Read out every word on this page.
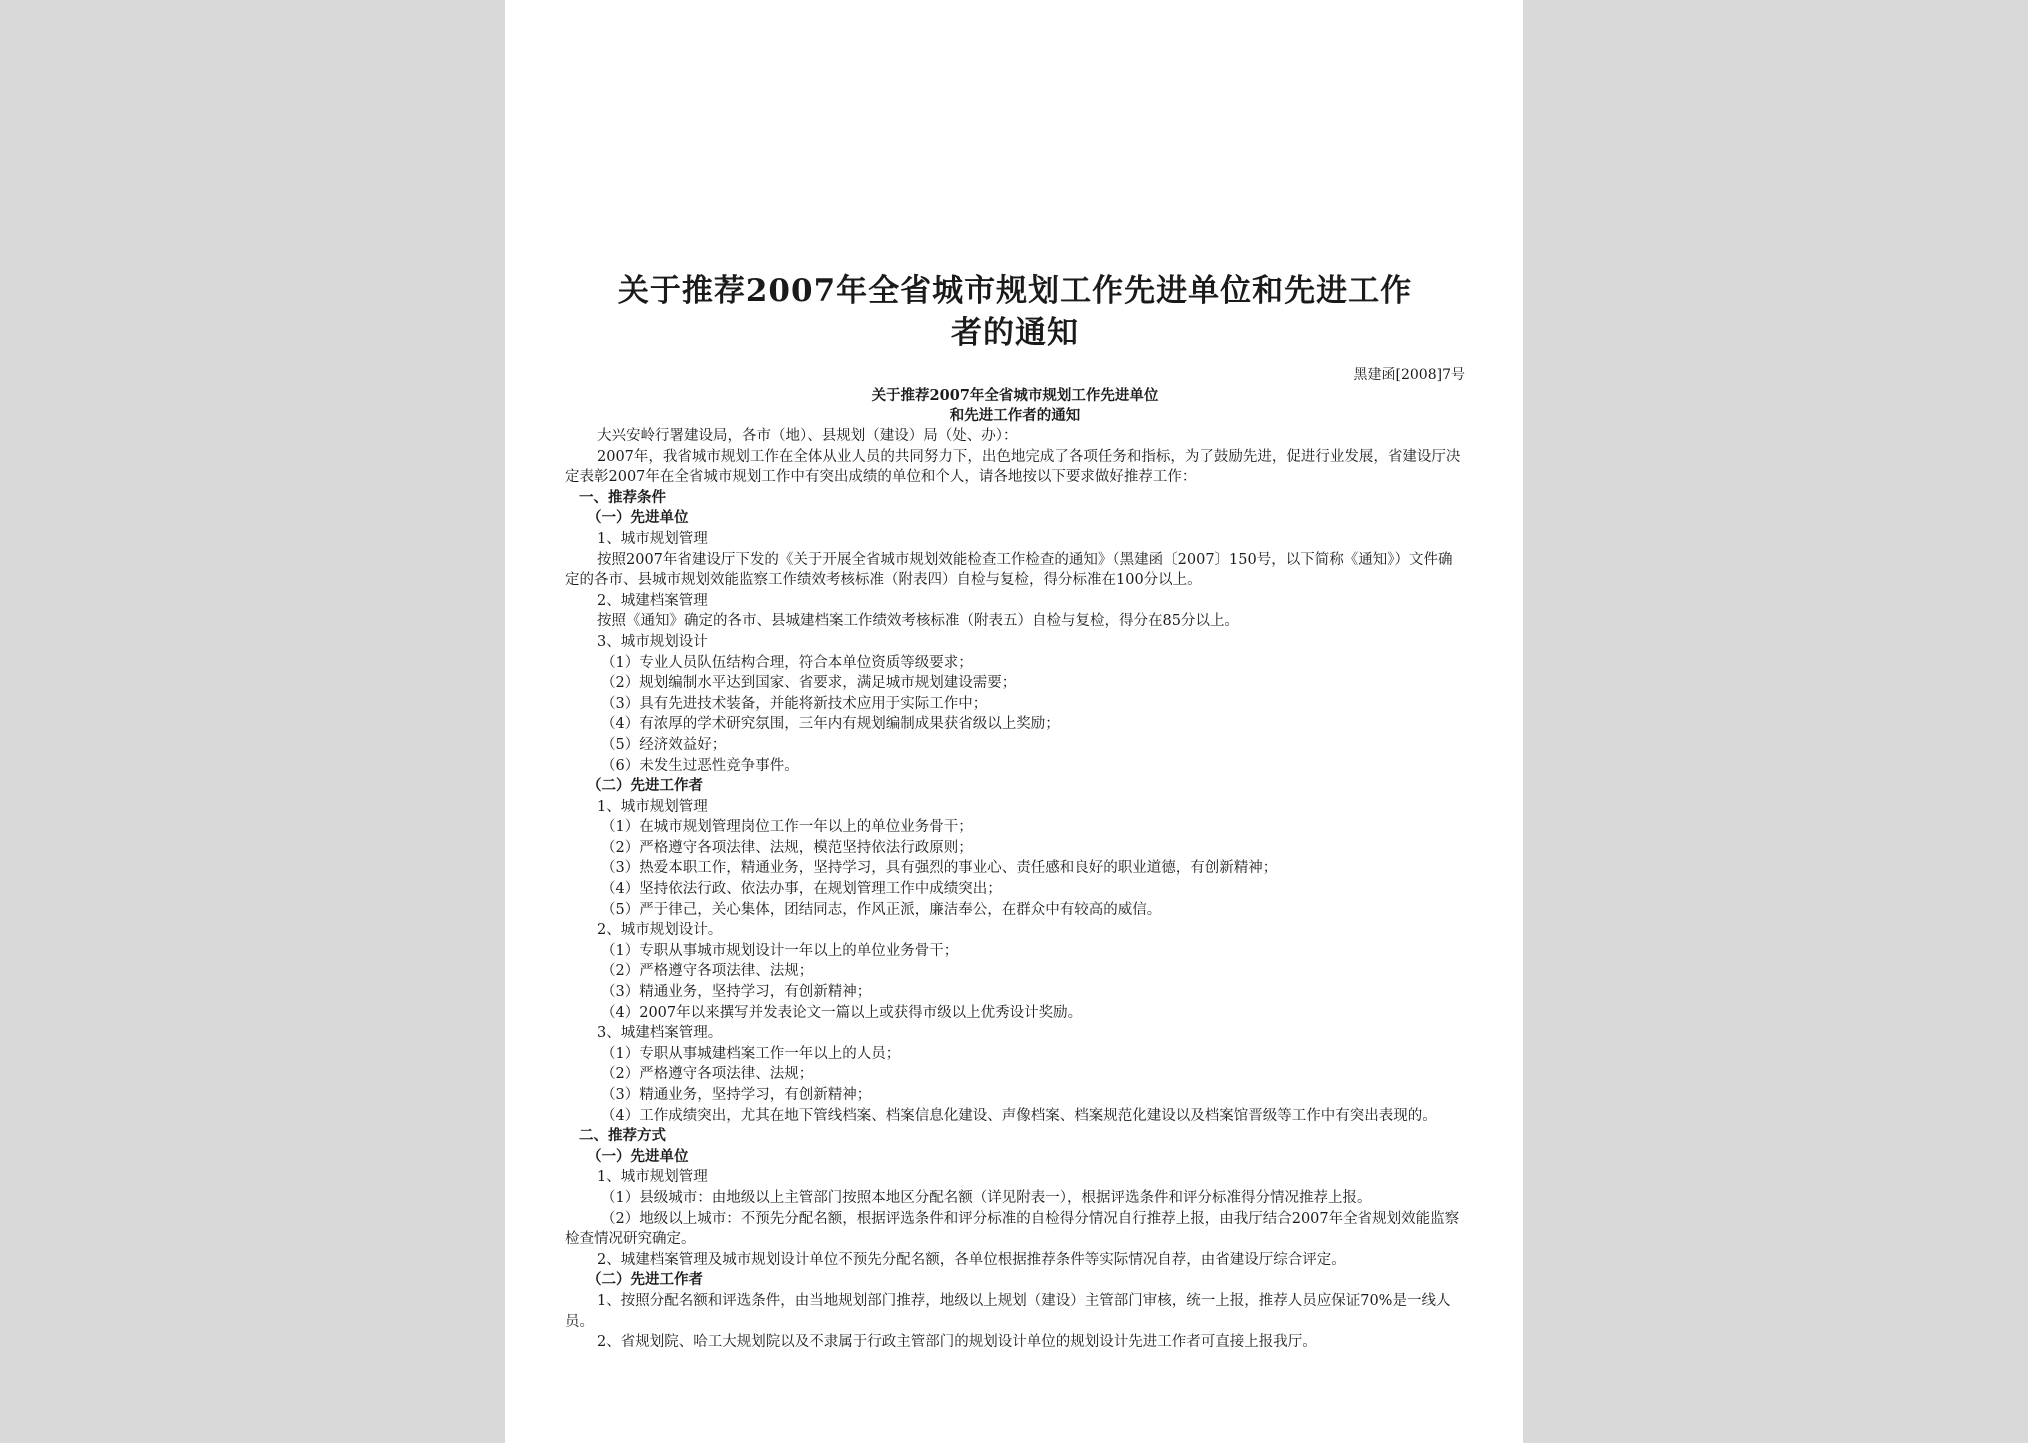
关于推荐2007年全省城市规划工作先进单位和先进工作
者的通知
黑建函[2008]7号
关于推荐2007年全省城市规划工作先进单位
和先进工作者的通知
大兴安岭行署建设局，各市（地）、县规划（建设）局（处、办）：
2007年，我省城市规划工作在全体从业人员的共同努力下，出色地完成了各项任务和指标，为了鼓励先进，促进行业发展，省建设厅决定表彰2007年在全省城市规划工作中有突出成绩的单位和个人，请各地按以下要求做好推荐工作：
一、推荐条件
（一）先进单位
1、城市规划管理
按照2007年省建设厅下发的《关于开展全省城市规划效能检查工作检查的通知》（黑建函〔2007〕150号，以下简称《通知》）文件确定的各市、县城市规划效能监察工作绩效考核标准（附表四）自检与复检，得分标准在100分以上。
2、城建档案管理
按照《通知》确定的各市、县城建档案工作绩效考核标准（附表五）自检与复检，得分在85分以上。
3、城市规划设计
（1）专业人员队伍结构合理，符合本单位资质等级要求；
（2）规划编制水平达到国家、省要求，满足城市规划建设需要；
（3）具有先进技术装备，并能将新技术应用于实际工作中；
（4）有浓厚的学术研究氛围，三年内有规划编制成果获省级以上奖励；
（5）经济效益好；
（6）未发生过恶性竞争事件。
（二）先进工作者
1、城市规划管理
（1）在城市规划管理岗位工作一年以上的单位业务骨干；
（2）严格遵守各项法律、法规，模范坚持依法行政原则；
（3）热爱本职工作，精通业务，坚持学习，具有强烈的事业心、责任感和良好的职业道德，有创新精神；
（4）坚持依法行政、依法办事，在规划管理工作中成绩突出；
（5）严于律己，关心集体，团结同志，作风正派，廉洁奉公，在群众中有较高的威信。
2、城市规划设计。
（1）专职从事城市规划设计一年以上的单位业务骨干；
（2）严格遵守各项法律、法规；
（3）精通业务，坚持学习，有创新精神；
（4）2007年以来撰写并发表论文一篇以上或获得市级以上优秀设计奖励。
3、城建档案管理。
（1）专职从事城建档案工作一年以上的人员；
（2）严格遵守各项法律、法规；
（3）精通业务，坚持学习，有创新精神；
（4）工作成绩突出，尤其在地下管线档案、档案信息化建设、声像档案、档案规范化建设以及档案馆晋级等工作中有突出表现的。
二、推荐方式
（一）先进单位
1、城市规划管理
（1）县级城市：由地级以上主管部门按照本地区分配名额（详见附表一），根据评选条件和评分标准得分情况推荐上报。
（2）地级以上城市：不预先分配名额，根据评选条件和评分标准的自检得分情况自行推荐上报，由我厅结合2007年全省规划效能监察检查情况研究确定。
2、城建档案管理及城市规划设计单位不预先分配名额，各单位根据推荐条件等实际情况自荐，由省建设厅综合评定。
（二）先进工作者
1、按照分配名额和评选条件，由当地规划部门推荐，地级以上规划（建设）主管部门审核，统一上报，推荐人员应保证70%是一线人员。
2、省规划院、哈工大规划院以及不隶属于行政主管部门的规划设计单位的规划设计先进工作者可直接上报我厅。
